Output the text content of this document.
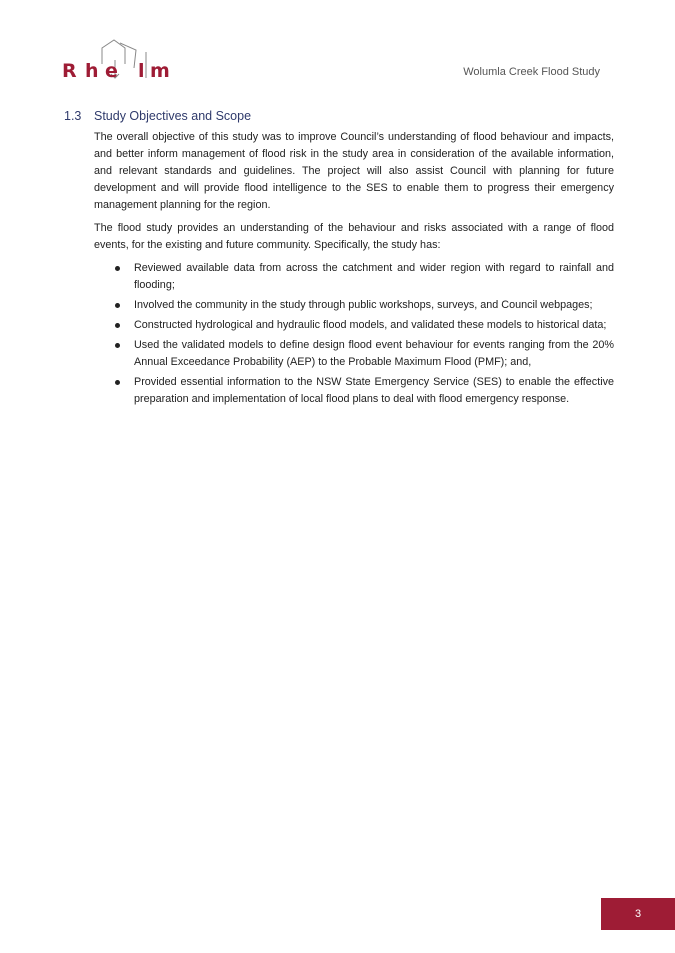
R h e l m	Wolumla Creek Flood Study
1.3 Study Objectives and Scope

The overall objective of this study was to improve Council’s understanding of flood behaviour and impacts, and better inform management of flood risk in the study area in consideration of the available information, and relevant standards and guidelines. The project will also assist Council with planning for future development and will provide flood intelligence to the SES to enable them to progress their emergency management planning for the region.

The flood study provides an understanding of the behaviour and risks associated with a range of flood events, for the existing and future community. Specifically, the study has:

Reviewed available data from across the catchment and wider region with regard to rainfall and flooding;
Involved the community in the study through public workshops, surveys, and Council webpages;
Constructed hydrological and hydraulic flood models, and validated these models to historical data;
Used the validated models to define design flood event behaviour for events ranging from the 20% Annual Exceedance Probability (AEP) to the Probable Maximum Flood (PMF); and,
Provided essential information to the NSW State Emergency Service (SES) to enable the effective preparation and implementation of local flood plans to deal with flood emergency response.
3
